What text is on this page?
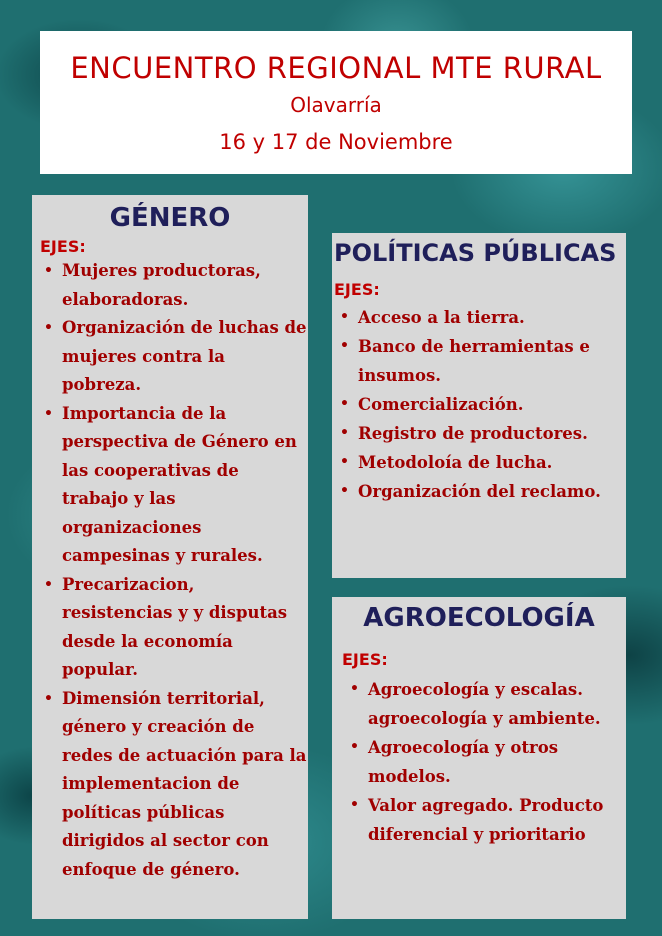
ENCUENTRO REGIONAL MTE RURAL
Olavarría
16 y 17 de Noviembre
GÉNERO
EJES:
• Mujeres productoras, elaboradoras.
• Organización de luchas de mujeres contra la pobreza.
• Importancia de la perspectiva de Género en las cooperativas de trabajo y las organizaciones campesinas y rurales.
• Precarizacion, resistencias y y disputas desde la economía popular.
• Dimensión territorial, género y creación de redes de actuación para la implementacion de políticas públicas dirigidos al sector con enfoque de género.
POLÍTICAS PÚBLICAS
EJES:
• Acceso a la tierra.
• Banco de herramientas e insumos.
• Comercialización.
• Registro de productores.
• Metodoloía de lucha.
• Organización del reclamo.
AGROECOLOGÍA
EJES:
• Agroecología y escalas. agroecología y ambiente.
• Agroecología y otros modelos.
• Valor agregado. Producto diferencial y prioritario
